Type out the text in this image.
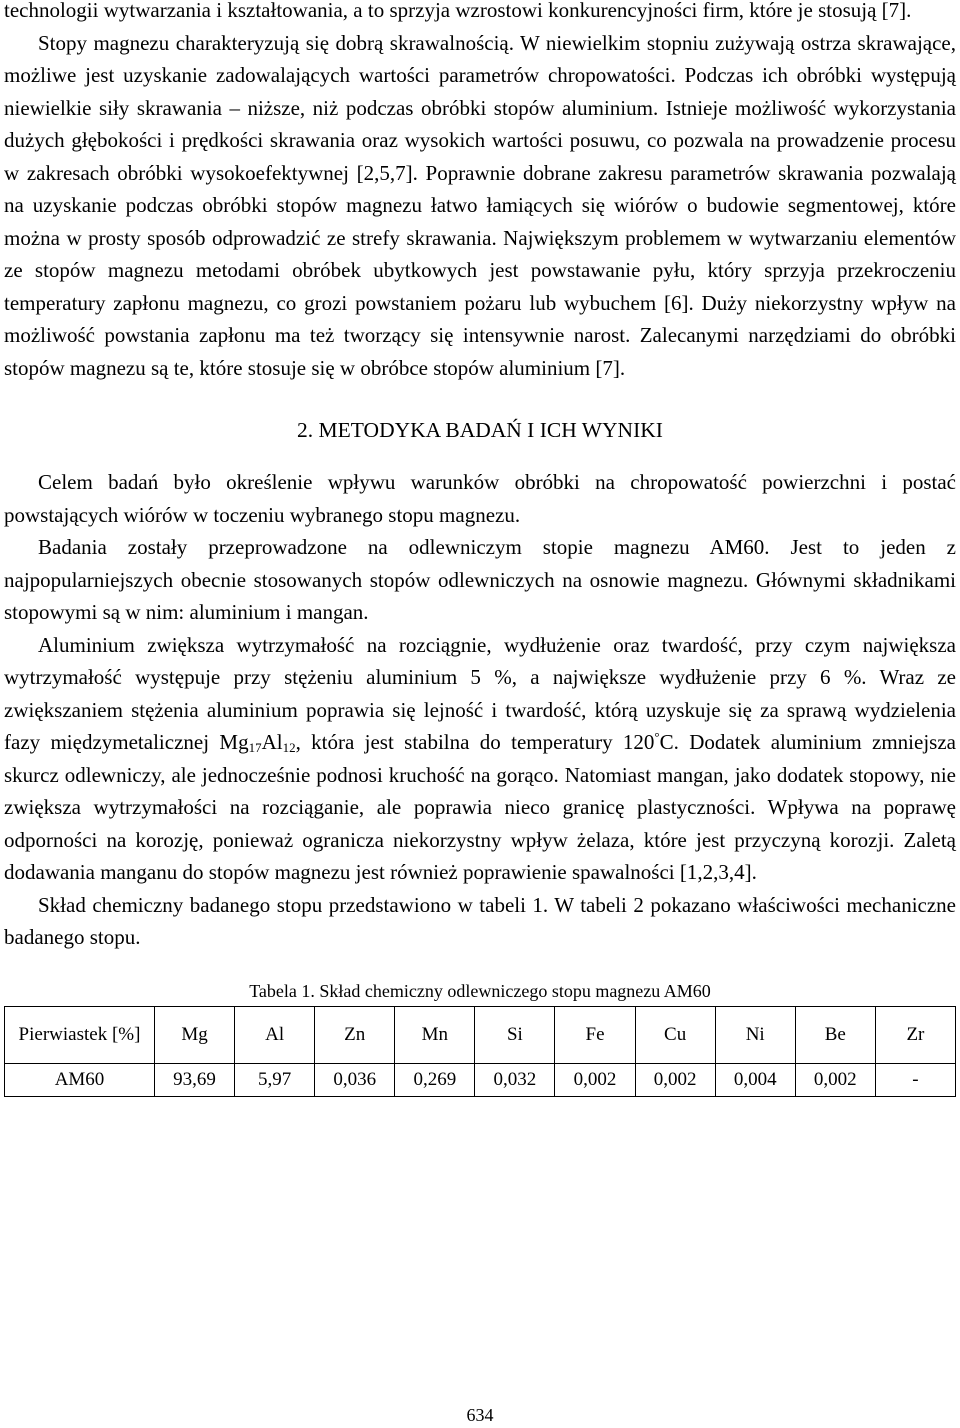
technologii wytwarzania i kształtowania, a to sprzyja wzrostowi konkurencyjności firm, które je stosują [7].

Stopy magnezu charakteryzują się dobrą skrawalnością. W niewielkim stopniu zużywają ostrza skrawające, możliwe jest uzyskanie zadowalających wartości parametrów chropowatości. Podczas ich obróbki występują niewielkie siły skrawania – niższe, niż podczas obróbki stopów aluminium. Istnieje możliwość wykorzystania dużych głębokości i prędkości skrawania oraz wysokich wartości posuwu, co pozwala na prowadzenie procesu w zakresach obróbki wysokoefektywnej [2,5,7]. Poprawnie dobrane zakresu parametrów skrawania pozwalają na uzyskanie podczas obróbki stopów magnezu łatwo łamiących się wiórów o budowie segmentowej, które można w prosty sposób odprowadzić ze strefy skrawania. Największym problemem w wytwarzaniu elementów ze stopów magnezu metodami obróbek ubytkowych jest powstawanie pyłu, który sprzyja przekroczeniu temperatury zapłonu magnezu, co grozi powstaniem pożaru lub wybuchem [6]. Duży niekorzystny wpływ na możliwość powstania zapłonu ma też tworzący się intensywnie narost. Zalecanymi narzędziami do obróbki stopów magnezu są te, które stosuje się w obróbce stopów aluminium [7].

2. METODYKA BADAŃ I ICH WYNIKI

Celem badań było określenie wpływu warunków obróbki na chropowatość powierzchni i postać powstających wiórów w toczeniu wybranego stopu magnezu.

Badania zostały przeprowadzone na odlewniczym stopie magnezu AM60. Jest to jeden z najpopularniejszych obecnie stosowanych stopów odlewniczych na osnowie magnezu. Głównymi składnikami stopowymi są w nim: aluminium i mangan.

Aluminium zwiększa wytrzymałość na rozciągnie, wydłużenie oraz twardość, przy czym największa wytrzymałość występuje przy stężeniu aluminium 5 %, a największe wydłużenie przy 6 %. Wraz ze zwiększaniem stężenia aluminium poprawia się lejność i twardość, którą uzyskuje się za sprawą wydzielenia fazy międzymetalicznej $Mg_{17}Al_{12}$, która jest stabilna do temperatury 120°C. Dodatek aluminium zmniejsza skurcz odlewniczy, ale jednocześnie podnosi kruchość na gorąco. Natomiast mangan, jako dodatek stopowy, nie zwiększa wytrzymałości na rozciąganie, ale poprawia nieco granicę plastyczności. Wpływa na poprawę odporności na korozję, ponieważ ogranicza niekorzystny wpływ żelaza, które jest przyczyną korozji. Zaletą dodawania manganu do stopów magnezu jest również poprawienie spawalności [1,2,3,4].

Skład chemiczny badanego stopu przedstawiono w tabeli 1. W tabeli 2 pokazano właściwości mechaniczne badanego stopu.

Tabela 1. Skład chemiczny odlewniczego stopu magnezu AM60
Pierwiastek [%]	Mg	Al	Zn	Mn	Si	Fe	Cu	Ni	Be	Zr
AM60	93,69	5,97	0,036	0,269	0,032	0,002	0,002	0,004	0,002	-
634
